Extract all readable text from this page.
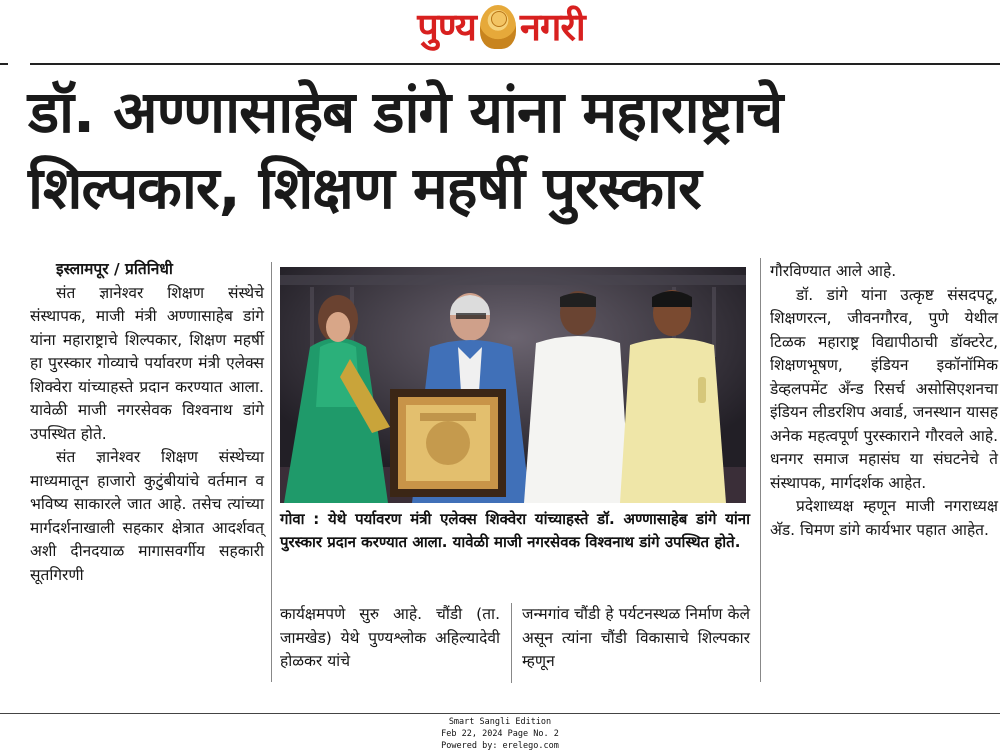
पुण्य नगरी
डॉ. अण्णासाहेब डांगे यांना महाराष्ट्राचे
शिल्पकार, शिक्षण महर्षी पुरस्कार

इस्लामपूर / प्रतिनिधी

संत ज्ञानेश्वर शिक्षण संस्थेचे संस्थापक, माजी मंत्री अण्णासाहेब डांगे यांना महाराष्ट्राचे शिल्पकार, शिक्षण महर्षी हा पुरस्कार गोव्याचे पर्यावरण मंत्री एलेक्स शिक्वेरा यांच्याहस्ते प्रदान करण्यात आला. यावेळी माजी नगरसेवक विश्वनाथ डांगे उपस्थित होते.

संत ज्ञानेश्वर शिक्षण संस्थेच्या माध्यमातून हाजारो कुटुंबीयांचे वर्तमान व भविष्य साकारले जात आहे. तसेच त्यांच्या मार्गदर्शनाखाली सहकार क्षेत्रात आदर्शवत् अशी दीनदयाळ मागासवर्गीय सहकारी सूतगिरणी

गोवा : येथे पर्यावरण मंत्री एलेक्स शिक्वेरा यांच्याहस्ते डॉ. अण्णासाहेब डांगे यांना पुरस्कार प्रदान करण्यात आला. यावेळी माजी नगरसेवक विश्वनाथ डांगे उपस्थित होते.

कार्यक्षमपणे सुरु आहे. चौंडी (ता. जामखेड) येथे पुण्यश्लोक अहिल्यादेवी होळकर यांचे

जन्मगांव चौंडी हे पर्यटनस्थळ निर्माण केले असून त्यांना चौंडी विकासाचे शिल्पकार म्हणून

गौरविण्यात आले आहे.

डॉ. डांगे यांना उत्कृष्ट संसदपटू, शिक्षणरत्न, जीवनगौरव, पुणे येथील टिळक महाराष्ट्र विद्यापीठाची डॉक्टरेट, शिक्षणभूषण, इंडियन इकॉनॉमिक डेव्हलपमेंट अँन्ड रिसर्च असोसिएशनचा इंडियन लीडरशिप अवार्ड, जनस्थान यासह अनेक महत्वपूर्ण पुरस्काराने गौरवले आहे. धनगर समाज महासंघ या संघटनेचे ते संस्थापक, मार्गदर्शक आहेत.

प्रदेशाध्यक्ष म्हणून माजी नगराध्यक्ष अ‍ॅड. चिमण डांगे कार्यभार पहात आहेत.

Smart Sangli Edition
Feb 22, 2024 Page No. 2
Powered by: erelego.com
